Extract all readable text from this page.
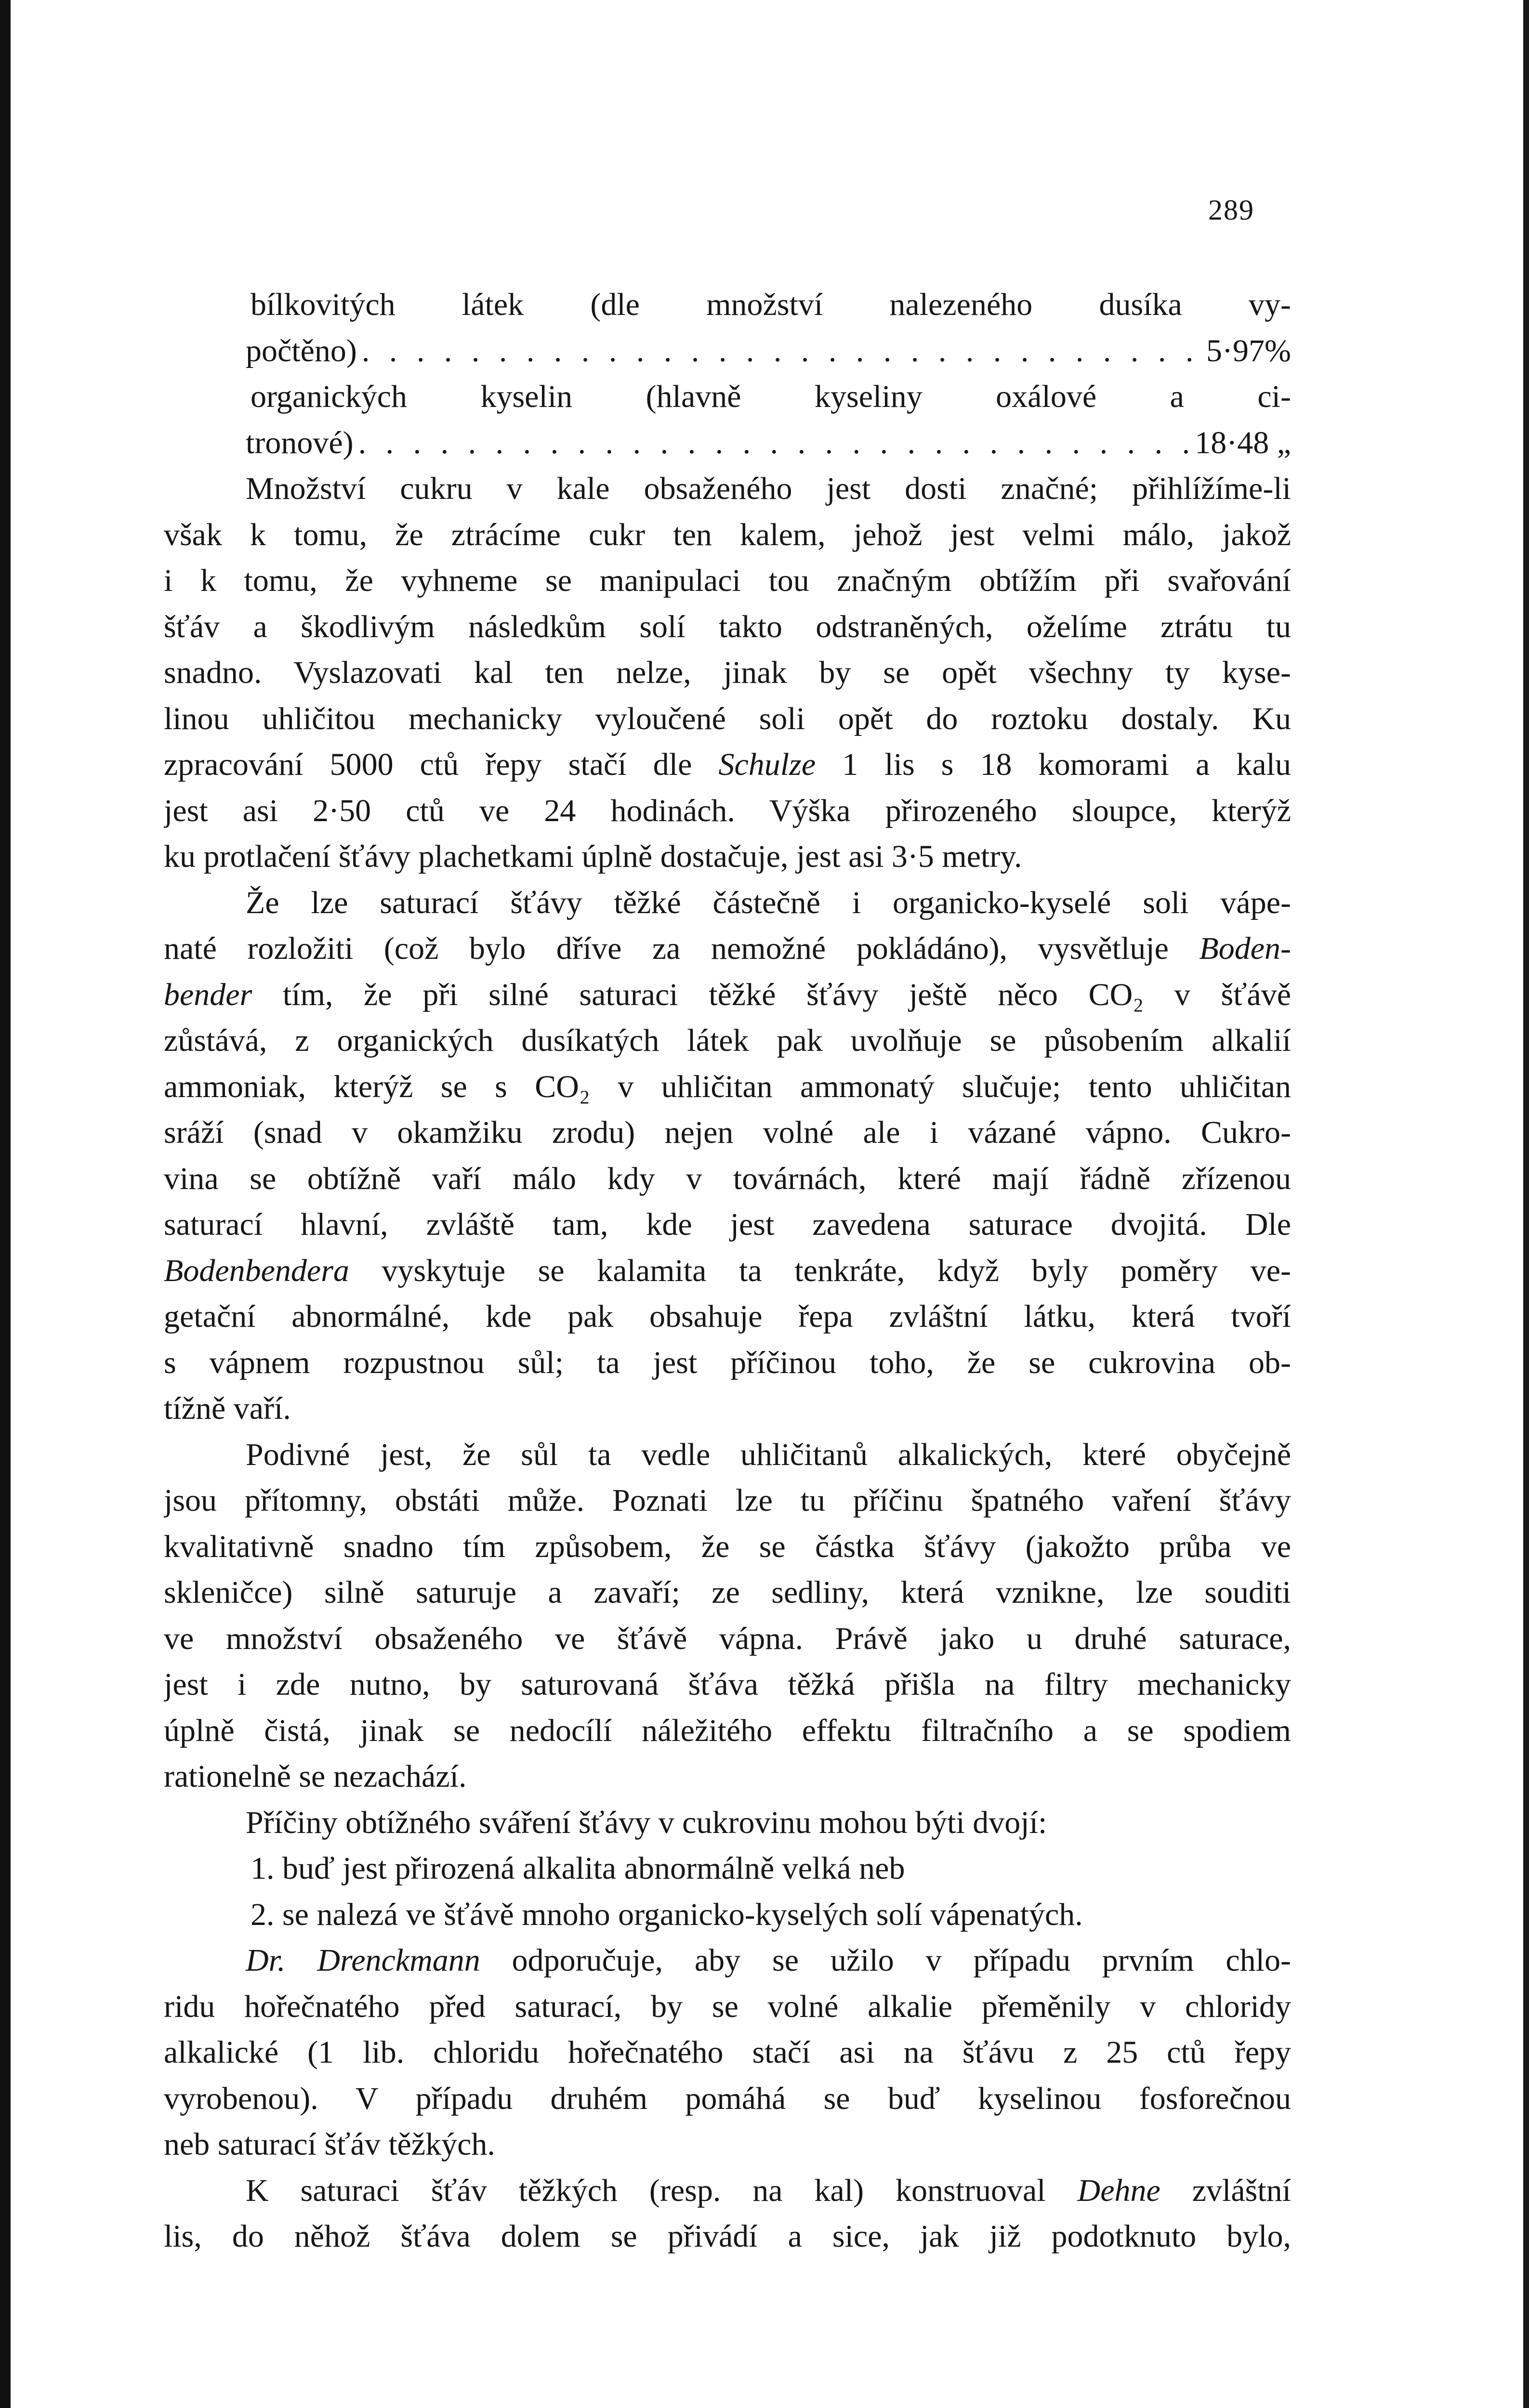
289
bílkovitých látek (dle množství nalezeného dusíka vy-
počtěno) . . .	5·97%
organických kyselin (hlavně kyseliny oxálové a ci-
tronové) . . .	18·48 „
Množství cukru v kale obsaženého jest dosti značné; přihlížíme-li
však k tomu, že ztrácíme cukr ten kalem, jehož jest velmi málo, jakož
i k tomu, že vyhneme se manipulaci tou značným obtížím při svařování
šťáv a škodlivým následkům solí takto odstraněných, oželíme ztrátu tu
snadno. Vyslazovati kal ten nelze, jinak by se opět všechny ty kyse-
linou uhličitou mechanicky vyloučené soli opět do roztoku dostaly. Ku
zpracování 5000 ctů řepy stačí dle Schulze 1 lis s 18 komorami a kalu
jest asi 2·50 ctů ve 24 hodinách. Výška přirozeného sloupce, kterýž
ku protlačení šťávy plachetkami úplně dostačuje, jest asi 3·5 metry.
Že lze saturací šťávy těžké částečně i organicko-kyselé soli vápe-
naté rozložiti (což bylo dříve za nemožné pokládáno), vysvětluje Boden-
bender tím, že při silné saturaci těžké šťávy ještě něco CO₂ v šťávě
zůstává, z organických dusíkatých látek pak uvolňuje se působením alkalií
ammoniak, kterýž se s CO₂ v uhličitan ammonatý slučuje; tento uhličitan
sráží (snad v okamžiku zrodu) nejen volné ale i vázané vápno. Cukro-
vina se obtížně vaří málo kdy v továrnách, které mají řádně zřízenou
saturací hlavní, zvláště tam, kde jest zavedena saturace dvojitá. Dle
Bodenbendera vyskytuje se kalamita ta tenkráte, když byly poměry ve-
getační abnormálné, kde pak obsahuje řepa zvláštní látku, která tvoří
s vápnem rozpustnou sůl; ta jest příčinou toho, že se cukrovina ob-
tížně vaří.
Podivné jest, že sůl ta vedle uhličitanů alkalických, které obyčejně
jsou přítomny, obstáti může. Poznati lze tu příčinu špatného vaření šťávy
kvalitativně snadno tím způsobem, že se částka šťávy (jakožto průba ve
skleničce) silně saturuje a zavaří; ze sedliny, která vznikne, lze souditi
ve množství obsaženého ve šťávě vápna. Právě jako u druhé saturace,
jest i zde nutno, by saturovaná šťáva těžká přišla na filtry mechanicky
úplně čistá, jinak se nedocílí náležitého effektu filtračního a se spodiem
rationelně se nezachází.
Příčiny obtížného sváření šťávy v cukrovinu mohou býti dvojí:
1. buď jest přirozená alkalita abnormálně velká neb
2. se nalezá ve šťávě mnoho organicko-kyselých solí vápenatých.
Dr. Drenckmann odporučuje, aby se užilo v případu prvním chlo-
ridu hořečnatého před saturací, by se volné alkalie přeměnily v chloridy
alkalické (1 lib. chloridu hořečnatého stačí asi na šťávu z 25 ctů řepy
vyrobenou). V případu druhém pomáhá se buď kyselinou fosforečnou
neb saturací šťáv těžkých.
K saturaci šťáv těžkých (resp. na kal) konstruoval Dehne zvláštní
lis, do něhož šťáva dolem se přivádí a sice, jak již podotknuto bylo,
